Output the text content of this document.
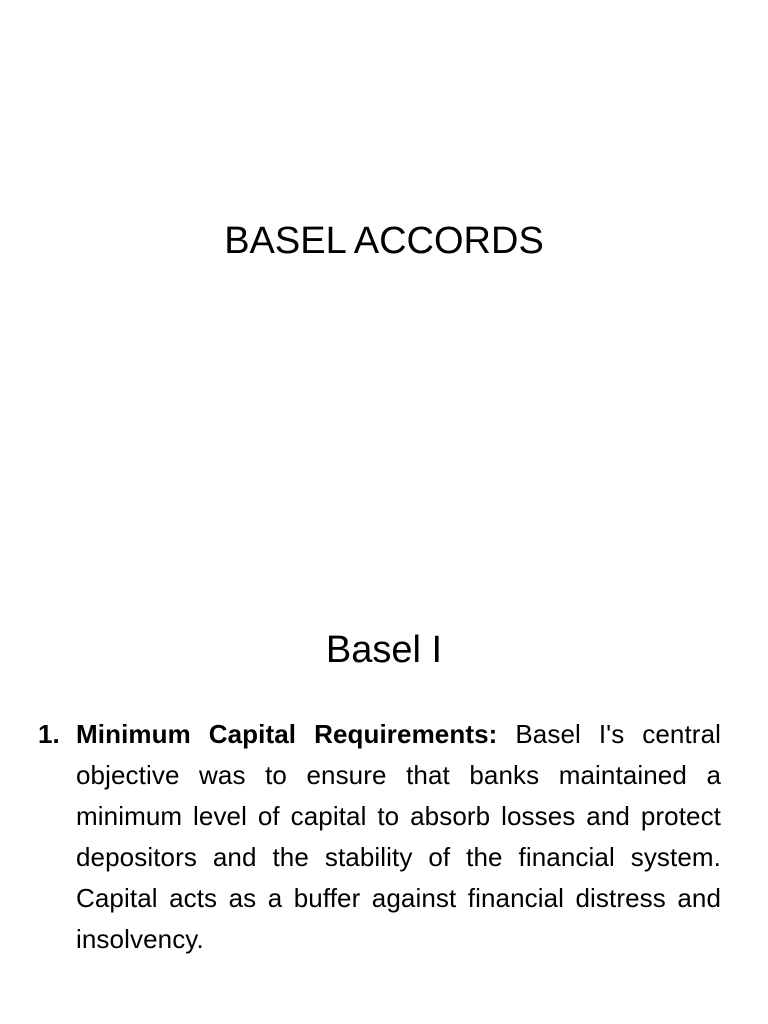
BASEL ACCORDS
Basel I
1. Minimum Capital Requirements: Basel I's central objective was to ensure that banks maintained a minimum level of capital to absorb losses and protect depositors and the stability of the financial system. Capital acts as a buffer against financial distress and insolvency.
